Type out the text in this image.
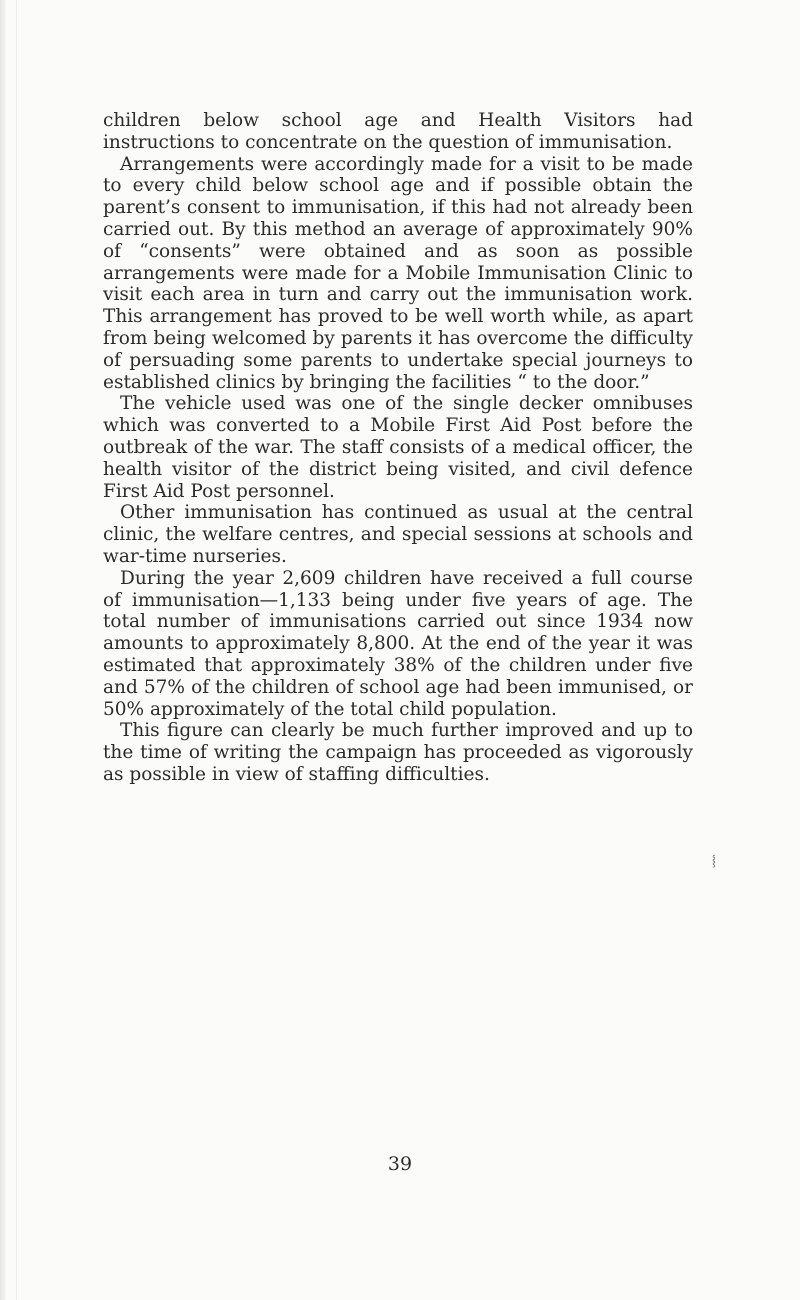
children below school age and Health Visitors had instructions to concentrate on the question of immunisation.

Arrangements were accordingly made for a visit to be made to every child below school age and if possible obtain the parent’s consent to immunisation, if this had not already been carried out. By this method an average of approximately 90% of “consents” were obtained and as soon as possible arrangements were made for a Mobile Immunisation Clinic to visit each area in turn and carry out the immunisation work. This arrangement has proved to be well worth while, as apart from being welcomed by parents it has overcome the difficulty of persuading some parents to undertake special journeys to established clinics by bringing the facilities “ to the door.”

The vehicle used was one of the single decker omnibuses which was converted to a Mobile First Aid Post before the outbreak of the war. The staff consists of a medical officer, the health visitor of the district being visited, and civil defence First Aid Post personnel.

Other immunisation has continued as usual at the central clinic, the welfare centres, and special sessions at schools and war-time nurseries.

During the year 2,609 children have received a full course of immunisation—1,133 being under five years of age. The total number of immunisations carried out since 1934 now amounts to approximately 8,800. At the end of the year it was estimated that approximately 38% of the children under five and 57% of the children of school age had been immunised, or 50% approximately of the total child population.

This figure can clearly be much further improved and up to the time of writing the campaign has proceeded as vigorously as possible in view of staffing difficulties.

⸾
39
